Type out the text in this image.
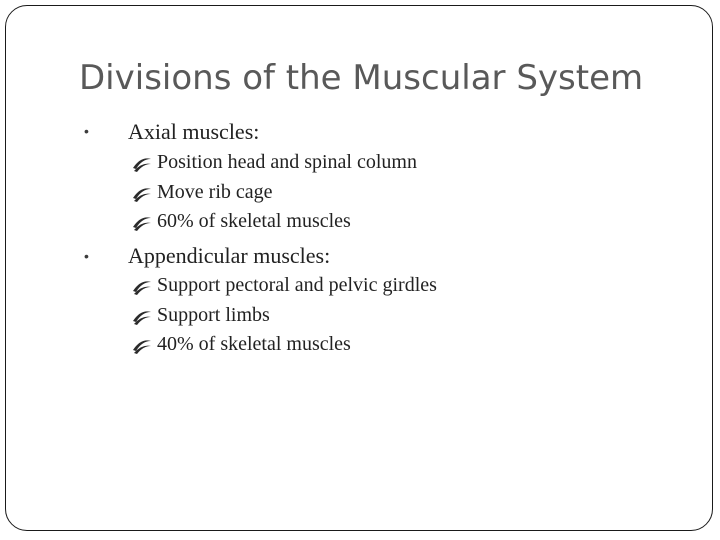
Divisions of the Muscular System
• Axial muscles:
Position head and spinal column
Move rib cage
60% of skeletal muscles
• Appendicular muscles:
Support pectoral and pelvic girdles
Support limbs
40% of skeletal muscles
